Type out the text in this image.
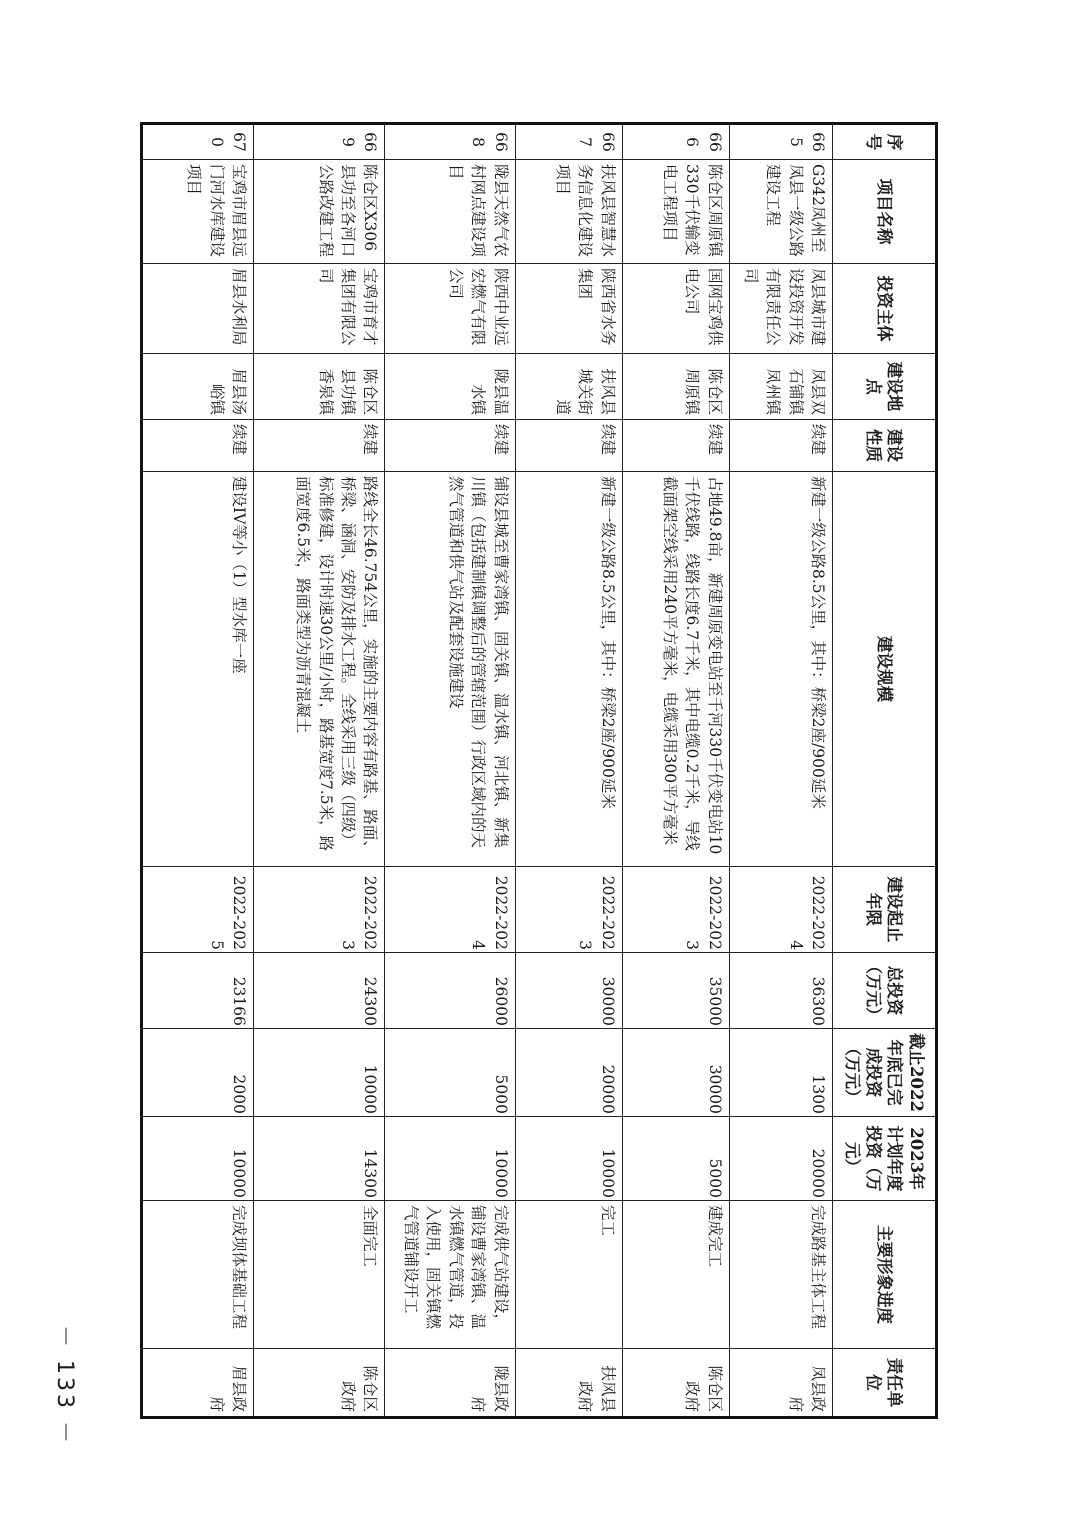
序号	项目名称	投资主体	建设地点	建设性质	建设规模	建设起止年限	总投资（万元）	截止2022年底已完成投资（万元）	2023年计划年度投资（万元）	主要形象进度	责任单位
665	G342凤州至凤县一级公路建设工程	凤县城市建设投资开发有限责任公司	凤县双石铺镇凤州镇	续建	新建一级公路8.5公里，其中：桥梁2座/900延米	2022-2024	36300	1300	20000	完成路基主体工程	凤县政府
666	陈仓区周原镇330千伏输变电工程项目	国网宝鸡供电公司	陈仓区周原镇	续建	占地49.8亩，新建周原变电站至千河330千伏变电站10千伏线路，线路长度6.7千米，其中电缆0.2千米，导线截面架空线采用240平方毫米，电缆采用300平方毫米	2022-2023	35000	30000	5000	建成完工	陈仓区政府
667	扶风县智慧水务信息化建设项目	陕西省水务集团	扶风县城关街道	续建	新建一级公路8.5公里，其中：桥梁2座/900延米	2022-2023	30000	20000	10000	完工	扶风县政府
668	陇县天然气农村网点建设项目	陕西中业远宏燃气有限公司	陇县温水镇	续建	铺设县城至曹家湾镇、固关镇、温水镇、河北镇、新集川镇（包括建制镇调整后的管辖范围）行政区域内的天然气管道和供气站及配套设施建设	2022-2024	26000	5000	10000	完成供气站建设，铺设曹家湾镇、温水镇燃气管道，投入使用，固关镇燃气管道铺设开工	陇县政府
669	陈仓区X306县功至各河口公路改建工程	宝鸡市育才集团有限公司	陈仓区县功镇香泉镇	续建	路线全长46.754公里，实施的主要内容有路基、路面、桥梁、涵洞、安防及排水工程。全线采用三级（四级）标准修建，设计时速30公里/小时，路基宽度7.5米，路面宽度6.5米，路面类型为沥青混凝土	2022-2023	24300	10000	14300	全面完工	陈仓区政府
670	宝鸡市眉县远门河水库建设项目	眉县水利局	眉县汤峪镇	续建	建设IV等小（1）型水库一座	2022-2025	23166	2000	10000	完成坝体基础工程	眉县政府
－ 133 －
